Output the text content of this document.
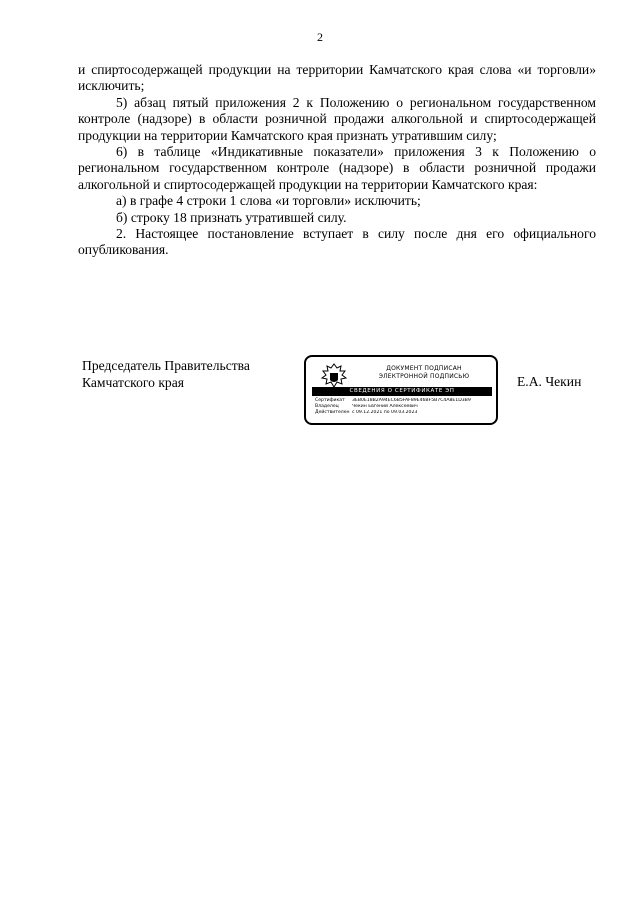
2

и спиртосодержащей продукции на территории Камчатского края слова «и торговли» исключить;

5) абзац пятый приложения 2 к Положению о региональном государственном контроле (надзоре) в области розничной продажи алкогольной и спиртосодержащей продукции на территории Камчатского края признать утратившим силу;

6) в таблице «Индикативные показатели» приложения 3 к Положению о региональном государственном контроле (надзоре) в области розничной продажи алкогольной и спиртосодержащей продукции на территории Камчатского края:

а) в графе 4 строки 1 слова «и торговли» исключить;

б) строку 18 признать утратившей силу.

2. Настоящее постановление вступает в силу после дня его официального опубликования.

Председатель Правительства
Камчатского края
ДОКУМЕНТ ПОДПИСАН
ЭЛЕКТРОННОЙ ПОДПИСЬЮ
СВЕДЕНИЯ О СЕРТИФИКАТЕ ЭП
Сертификат	3EB0E18B2A94EC6B5FAF89E46BF5B7C4A8E1D3B9
Владелец	Чекин Евгений Алексеевич
Действителен с 09.12.2021 по 09.03.2023
Е.А. Чекин
